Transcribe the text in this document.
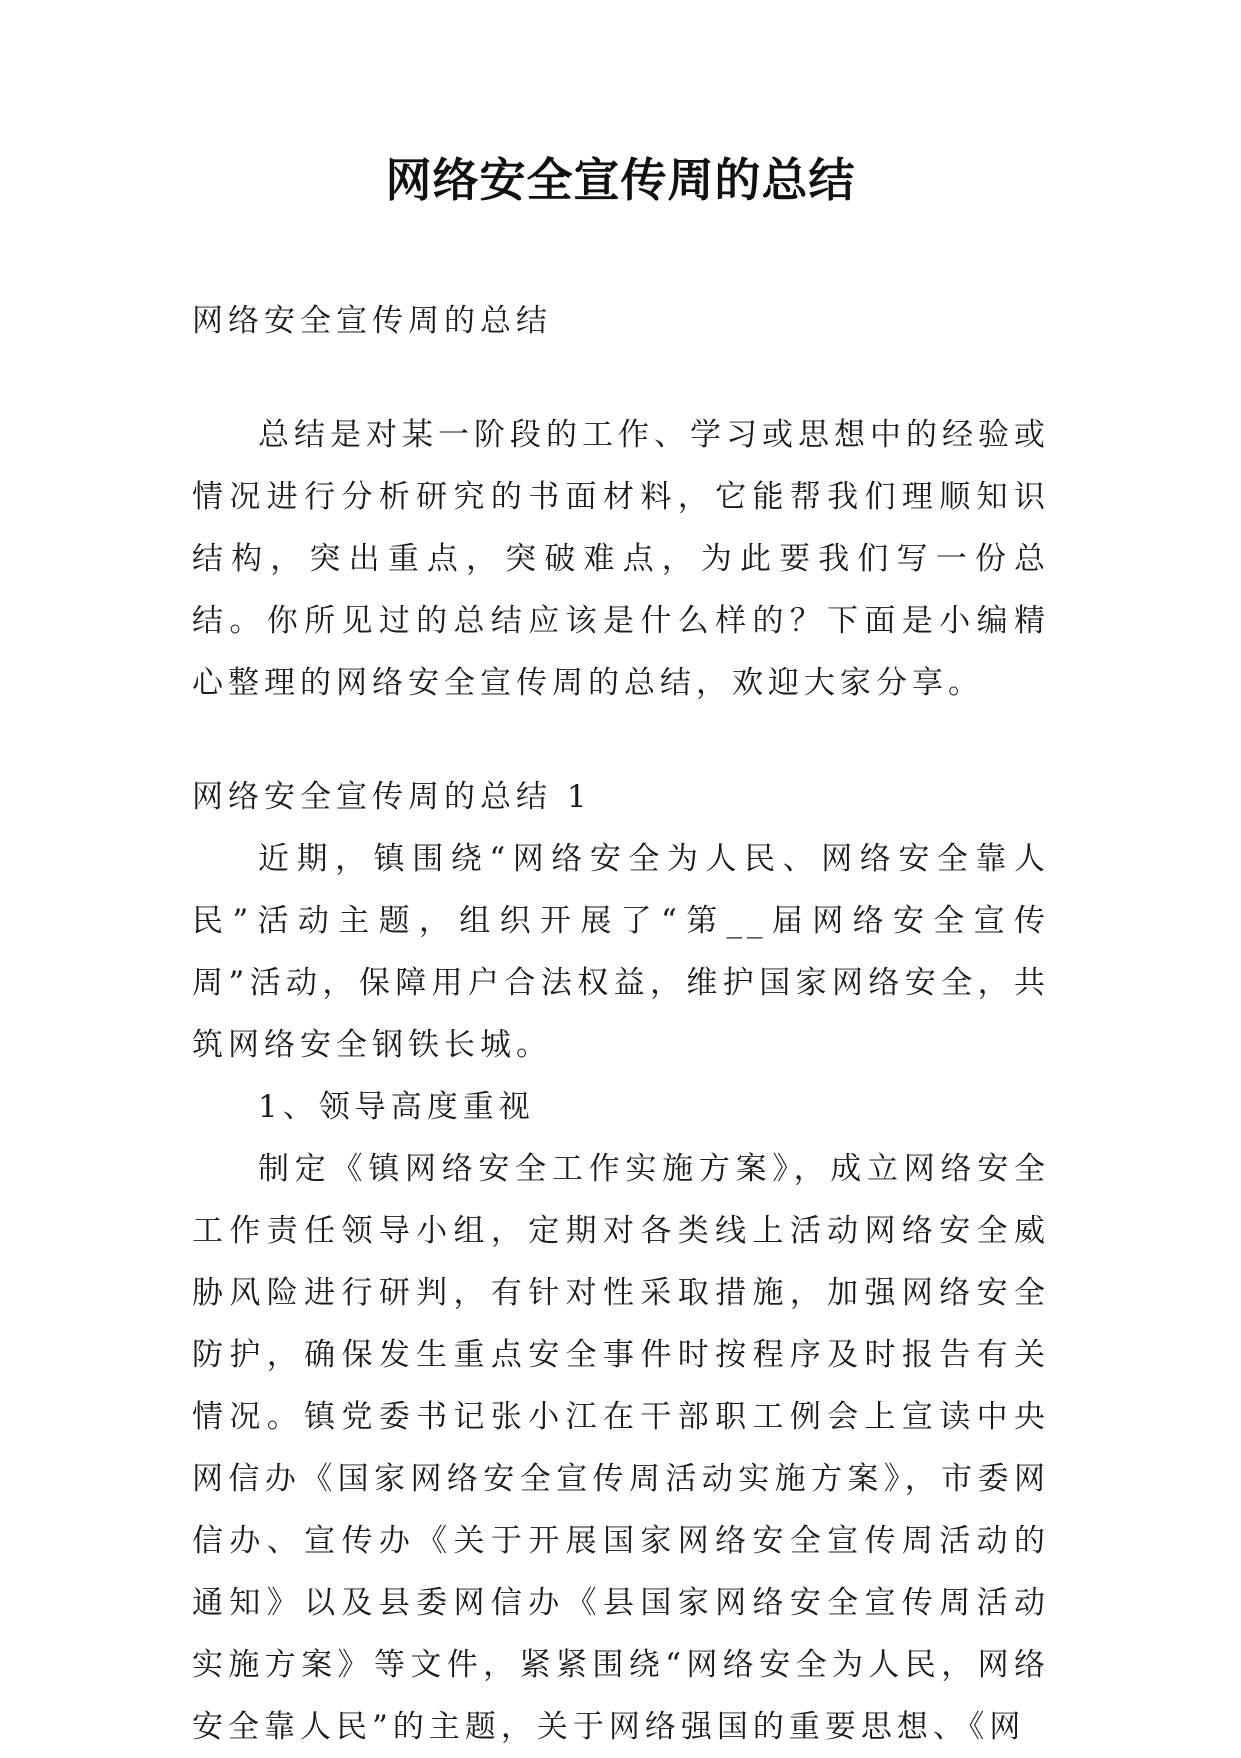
网络安全宣传周的总结

网络安全宣传周的总结

总结是对某一阶段的工作、学习或思想中的经验或情况进行分析研究的书面材料，它能帮我们理顺知识结构，突出重点，突破难点，为此要我们写一份总结。你所见过的总结应该是什么样的？下面是小编精心整理的网络安全宣传周的总结，欢迎大家分享。

网络安全宣传周的总结 1

近期，镇围绕“网络安全为人民、网络安全靠人民”活动主题，组织开展了“第__届网络安全宣传周”活动，保障用户合法权益，维护国家网络安全，共筑网络安全钢铁长城。

1、领导高度重视

制定《镇网络安全工作实施方案》，成立网络安全工作责任领导小组，定期对各类线上活动网络安全威胁风险进行研判，有针对性采取措施，加强网络安全防护，确保发生重点安全事件时按程序及时报告有关情况。镇党委书记张小江在干部职工例会上宣读中央网信办《国家网络安全宣传周活动实施方案》，市委网信办、宣传办《关于开展国家网络安全宣传周活动的通知》以及县委网信办《县国家网络安全宣传周活动实施方案》等文件，紧紧围绕“网络安全为人民，网络安全靠人民”的主题，关于网络强国的重要思想、《网
